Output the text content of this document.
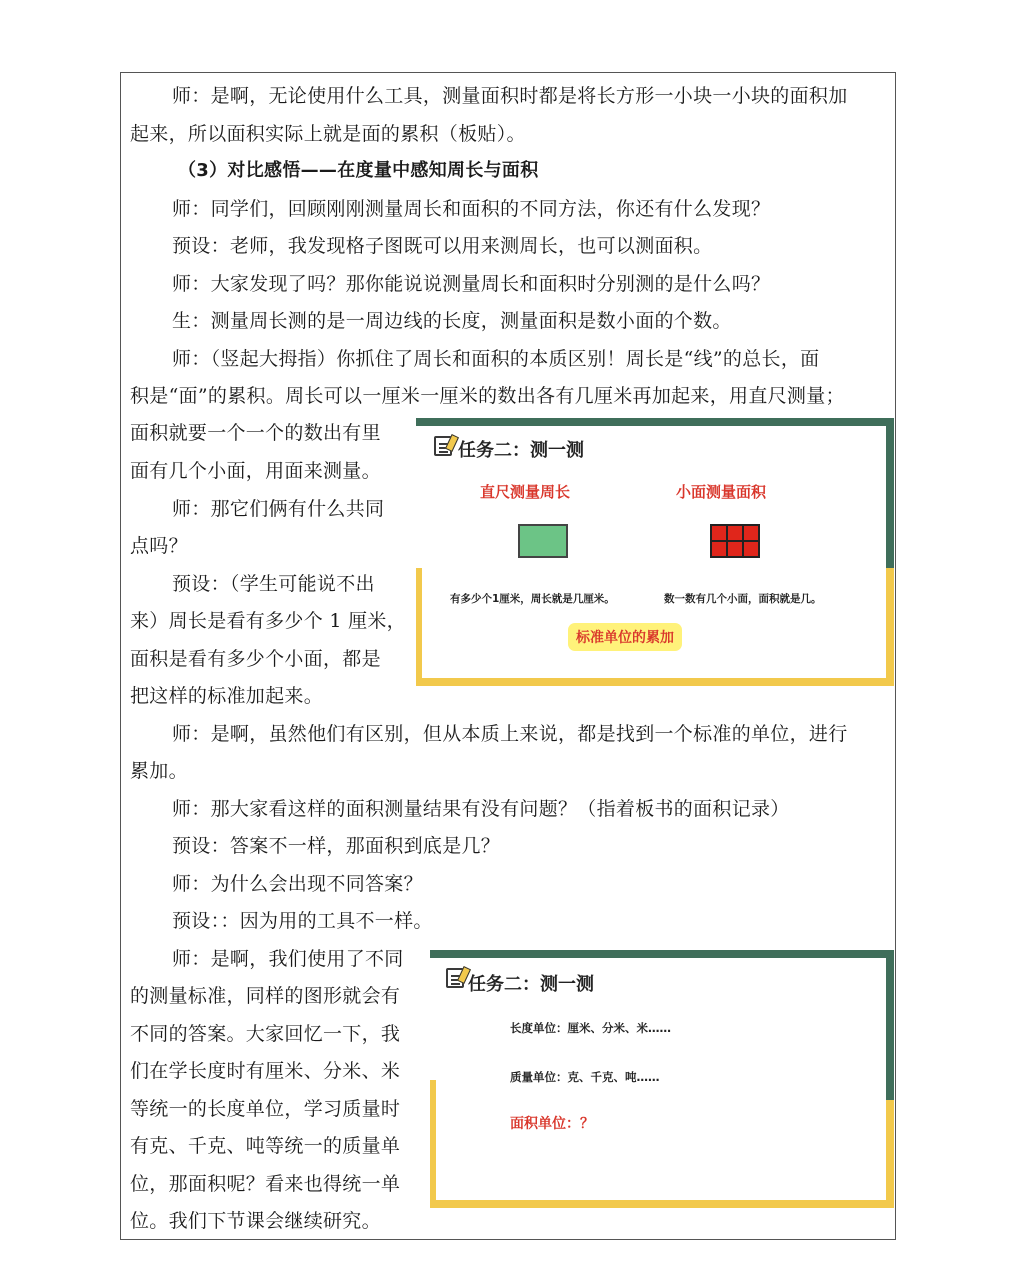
师：是啊，无论使用什么工具，测量面积时都是将长方形一小块一小块的面积加

起来，所以面积实际上就是面的累积（板贴）。

（3）对比感悟——在度量中感知周长与面积

师：同学们，回顾刚刚测量周长和面积的不同方法，你还有什么发现？

预设：老师，我发现格子图既可以用来测周长，也可以测面积。

师：大家发现了吗？那你能说说测量周长和面积时分别测的是什么吗？

生：测量周长测的是一周边线的长度，测量面积是数小面的个数。

师：（竖起大拇指）你抓住了周长和面积的本质区别！周长是“线”的总长，面

积是“面”的累积。周长可以一厘米一厘米的数出各有几厘米再加起来，用直尺测量；

面积就要一个一个的数出有里

面有几个小面，用面来测量。

师：那它们俩有什么共同

点吗？

预设：（学生可能说不出

来）周长是看有多少个 1 厘米，

面积是看有多少个小面，都是

把这样的标准加起来。

师：是啊，虽然他们有区别，但从本质上来说，都是找到一个标准的单位，进行

累加。

师：那大家看这样的面积测量结果有没有问题？（指着板书的面积记录）

预设：答案不一样，那面积到底是几？

师：为什么会出现不同答案？

预设：：因为用的工具不一样。

师：是啊，我们使用了不同

的测量标准，同样的图形就会有

不同的答案。大家回忆一下，我

们在学长度时有厘米、分米、米

等统一的长度单位，学习质量时

有克、千克、吨等统一的质量单

位，那面积呢？看来也得统一单

位。我们下节课会继续研究。

任务二：测一测
直尺测量周长	小面测量面积
有多少个1厘米，周长就是几厘米。	数一数有几个小面，面积就是几。
标准单位的累加
任务二：测一测
长度单位：厘米、分米、米……
质量单位：克、千克、吨……
面积单位：？
